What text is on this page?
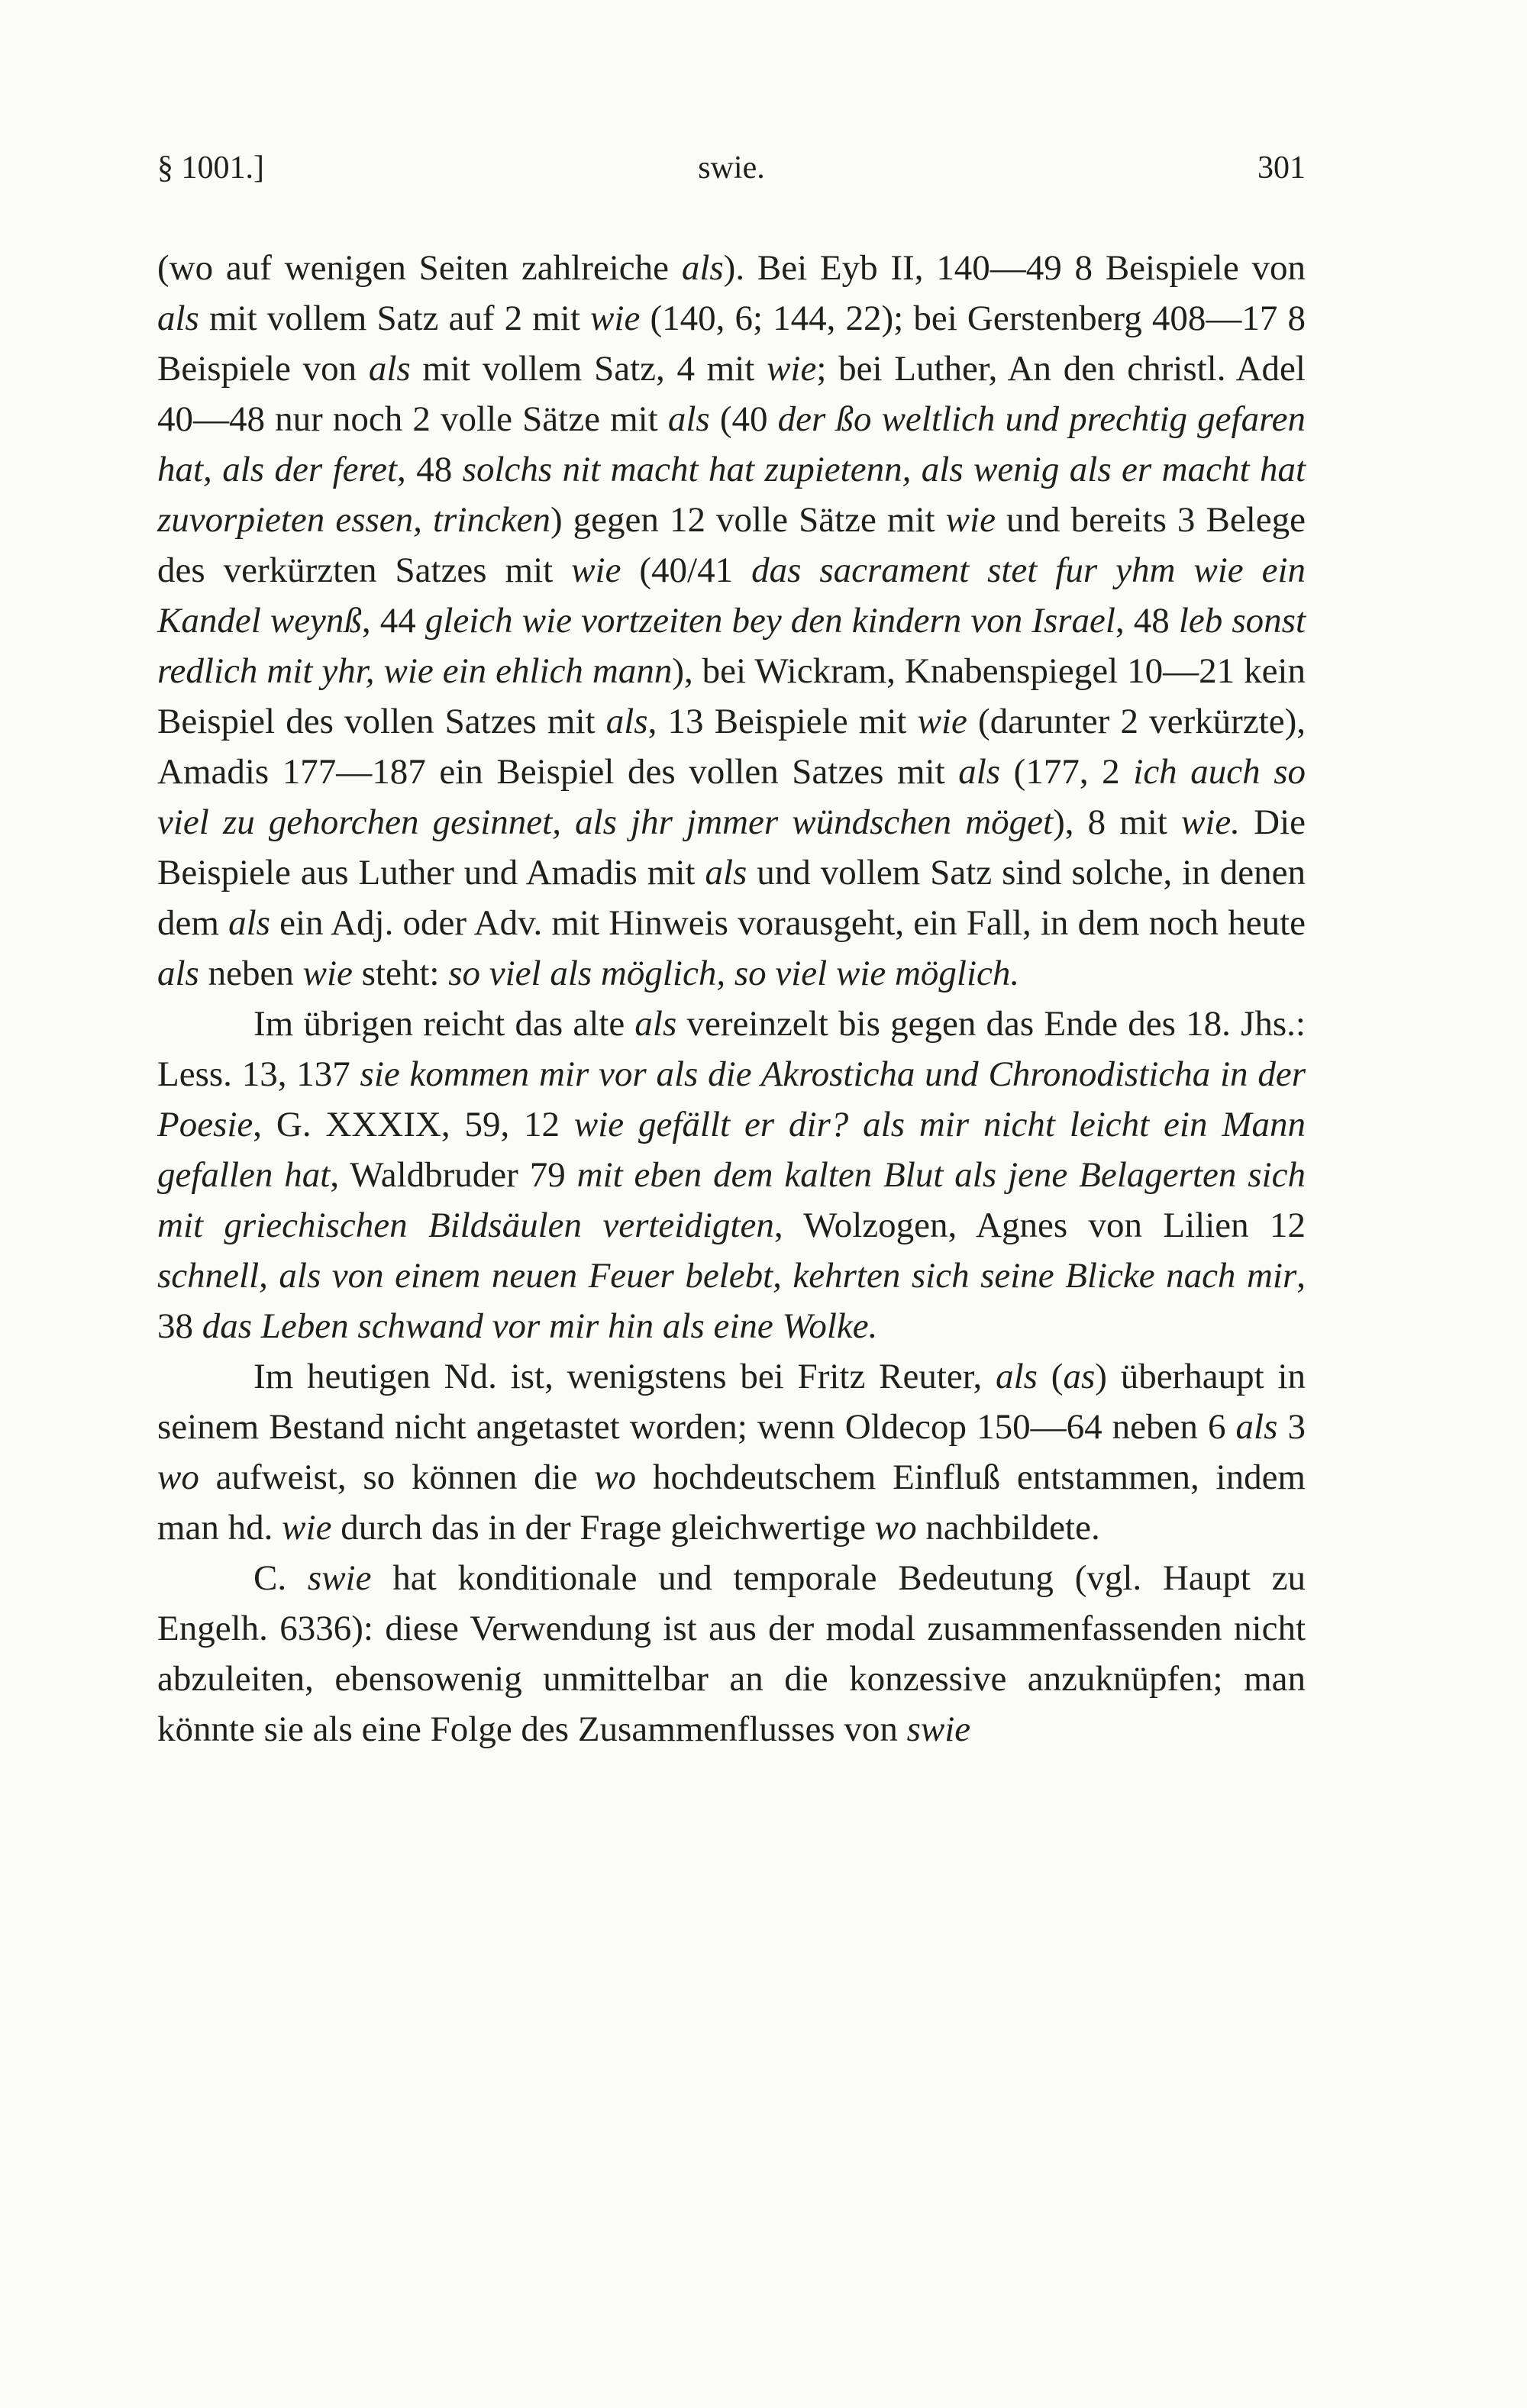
§ 1001.]	swie.	301

(wo auf wenigen Seiten zahlreiche als). Bei Eyb II, 140—49 8 Beispiele von als mit vollem Satz auf 2 mit wie (140, 6; 144, 22); bei Gerstenberg 408—17 8 Beispiele von als mit vollem Satz, 4 mit wie; bei Luther, An den christl. Adel 40—48 nur noch 2 volle Sätze mit als (40 der ßo weltlich und prechtig gefaren hat, als der feret, 48 solchs nit macht hat zupietenn, als wenig als er macht hat zuvorpieten essen, trincken) gegen 12 volle Sätze mit wie und bereits 3 Belege des verkürzten Satzes mit wie (40/41 das sacrament stet fur yhm wie ein Kandel weynß, 44 gleich wie vortzeiten bey den kindern von Israel, 48 leb sonst redlich mit yhr, wie ein ehlich mann), bei Wickram, Knabenspiegel 10—21 kein Beispiel des vollen Satzes mit als, 13 Beispiele mit wie (darunter 2 verkürzte), Amadis 177—187 ein Beispiel des vollen Satzes mit als (177, 2 ich auch so viel zu gehorchen gesinnet, als jhr jmmer wündschen möget), 8 mit wie. Die Beispiele aus Luther und Amadis mit als und vollem Satz sind solche, in denen dem als ein Adj. oder Adv. mit Hinweis vorausgeht, ein Fall, in dem noch heute als neben wie steht: so viel als möglich, so viel wie möglich.

Im übrigen reicht das alte als vereinzelt bis gegen das Ende des 18. Jhs.: Less. 13, 137 sie kommen mir vor als die Akrosticha und Chronodisticha in der Poesie, G. XXXIX, 59, 12 wie gefällt er dir? als mir nicht leicht ein Mann gefallen hat, Waldbruder 79 mit eben dem kalten Blut als jene Belagerten sich mit griechischen Bildsäulen verteidigten, Wolzogen, Agnes von Lilien 12 schnell, als von einem neuen Feuer belebt, kehrten sich seine Blicke nach mir, 38 das Leben schwand vor mir hin als eine Wolke.

Im heutigen Nd. ist, wenigstens bei Fritz Reuter, als (as) überhaupt in seinem Bestand nicht angetastet worden; wenn Oldecop 150—64 neben 6 als 3 wo aufweist, so können die wo hochdeutschem Einfluß entstammen, indem man hd. wie durch das in der Frage gleichwertige wo nachbildete.

C. swie hat konditionale und temporale Bedeutung (vgl. Haupt zu Engelh. 6336): diese Verwendung ist aus der modal zusammenfassenden nicht abzuleiten, ebensowenig unmittelbar an die konzessive anzuknüpfen; man könnte sie als eine Folge des Zusammenflusses von swie
